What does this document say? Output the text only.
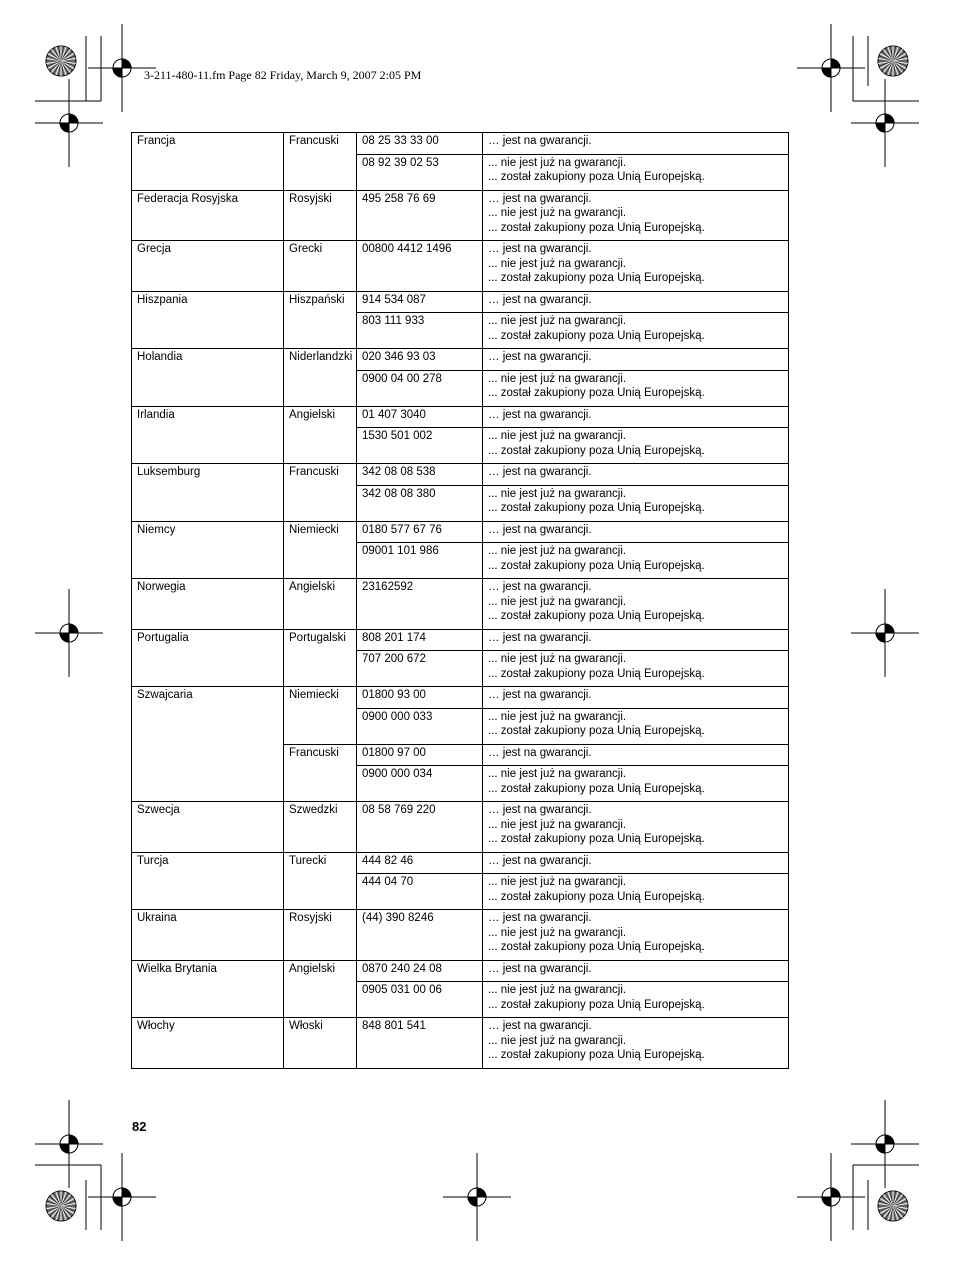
3-211-480-11.fm Page 82 Friday, March 9, 2007 2:05 PM
Francja	Francuski	08 25 33 33 00	… jest na gwarancji.

		08 92 39 02 53	... nie jest już na gwarancji.
... został zakupiony poza Unią Europejską.

Federacja Rosyjska	Rosyjski	495 258 76 69	… jest na gwarancji.
... nie jest już na gwarancji.
... został zakupiony poza Unią Europejską.

Grecja	Grecki	00800 4412 1496	… jest na gwarancji.
... nie jest już na gwarancji.
... został zakupiony poza Unią Europejską.

Hiszpania	Hiszpański	914 534 087	… jest na gwarancji.

		803 111 933	... nie jest już na gwarancji.
... został zakupiony poza Unią Europejską.

Holandia	Niderlandzki	020 346 93 03	… jest na gwarancji.

		0900 04 00 278	... nie jest już na gwarancji.
... został zakupiony poza Unią Europejską.

Irlandia	Angielski	01 407 3040	… jest na gwarancji.

		1530 501 002	... nie jest już na gwarancji.
... został zakupiony poza Unią Europejską.

Luksemburg	Francuski	342 08 08 538	… jest na gwarancji.

		342 08 08 380	... nie jest już na gwarancji.
... został zakupiony poza Unią Europejską.

Niemcy	Niemiecki	0180 577 67 76	… jest na gwarancji.

		09001 101 986	... nie jest już na gwarancji.
... został zakupiony poza Unią Europejską.

Norwegia	Angielski	23162592	… jest na gwarancji.
... nie jest już na gwarancji.
... został zakupiony poza Unią Europejską.

Portugalia	Portugalski	808 201 174	… jest na gwarancji.

		707 200 672	... nie jest już na gwarancji.
... został zakupiony poza Unią Europejską.

Szwajcaria	Niemiecki	01800 93 00	… jest na gwarancji.

		0900 000 033	... nie jest już na gwarancji.
... został zakupiony poza Unią Europejską.

	Francuski	01800 97 00	… jest na gwarancji.

		0900 000 034	... nie jest już na gwarancji.
... został zakupiony poza Unią Europejską.

Szwecja	Szwedzki	08 58 769 220	… jest na gwarancji.
... nie jest już na gwarancji.
... został zakupiony poza Unią Europejską.

Turcja	Turecki	444 82 46	… jest na gwarancji.

		444 04 70	... nie jest już na gwarancji.
... został zakupiony poza Unią Europejską.

Ukraina	Rosyjski	(44) 390 8246	… jest na gwarancji.
... nie jest już na gwarancji.
... został zakupiony poza Unią Europejską.

Wielka Brytania	Angielski	0870 240 24 08	… jest na gwarancji.

		0905 031 00 06	... nie jest już na gwarancji.
... został zakupiony poza Unią Europejską.

Włochy	Włoski	848 801 541	… jest na gwarancji.
... nie jest już na gwarancji.
... został zakupiony poza Unią Europejską.
82
